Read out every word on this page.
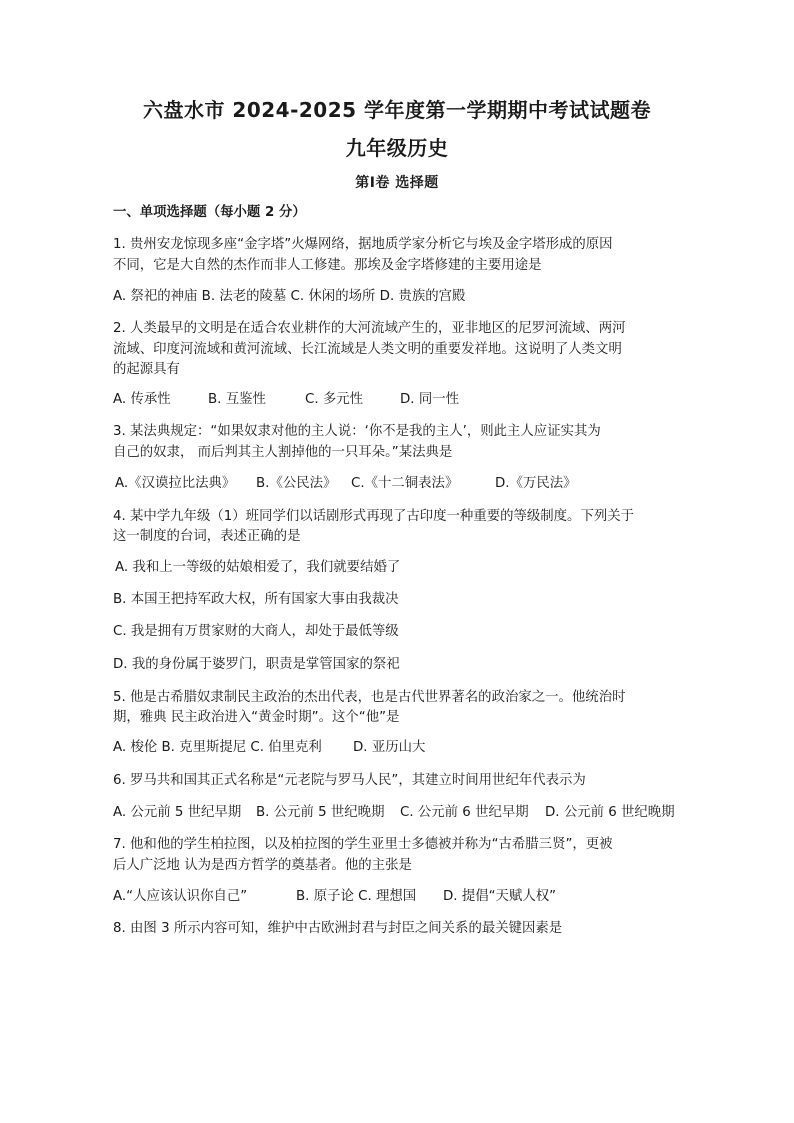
六盘水市 2024-2025 学年度第一学期期中考试试题卷
九年级历史
第Ⅰ卷 选择题
一、单项选择题（每小题 2 分）
1. 贵州安龙惊现多座“金字塔”火爆网络，据地质学家分析它与埃及金字塔形成的原因
不同，它是大自然的杰作而非人工修建。那埃及金字塔修建的主要用途是
A. 祭祀的神庙 B. 法老的陵墓 C. 休闲的场所 D. 贵族的宫殿
2. 人类最早的文明是在适合农业耕作的大河流域产生的，亚非地区的尼罗河流域、两河
流域、印度河流域和黄河流域、长江流域是人类文明的重要发祥地。这说明了人类文明
的起源具有
A. 传承性	B. 互鉴性	C. 多元性	D. 同一性
3. 某法典规定：“如果奴隶对他的主人说：‘你不是我的主人’，则此主人应证实其为
自己的奴隶， 而后判其主人割掉他的一只耳朵。”某法典是
A.《汉谟拉比法典》 B.《公民法》 C.《十二铜表法》	D.《万民法》
4. 某中学九年级（1）班同学们以话剧形式再现了古印度一种重要的等级制度。下列关于
这一制度的台词，表述正确的是
A. 我和上一等级的姑娘相爱了，我们就要结婚了
B. 本国王把持军政大权，所有国家大事由我裁决
C. 我是拥有万贯家财的大商人，却处于最低等级
D. 我的身份属于婆罗门，职责是掌管国家的祭祀
5. 他是古希腊奴隶制民主政治的杰出代表，也是古代世界著名的政治家之一。他统治时
期，雅典 民主政治进入“黄金时期”。这个“他”是
A. 梭伦 B. 克里斯提尼 C. 伯里克利 D. 亚历山大
6. 罗马共和国其正式名称是“元老院与罗马人民”，其建立时间用世纪年代表示为
A. 公元前 5 世纪早期 B. 公元前 5 世纪晚期 C. 公元前 6 世纪早期 D. 公元前 6 世纪晚期
7. 他和他的学生柏拉图，以及柏拉图的学生亚里士多德被并称为“古希腊三贤”，更被
后人广泛地 认为是西方哲学的奠基者。他的主张是
A.“人应该认识你自己”	B. 原子论 C. 理想国 D. 提倡“天赋人权”
8. 由图 3 所示内容可知，维护中古欧洲封君与封臣之间关系的最关键因素是
